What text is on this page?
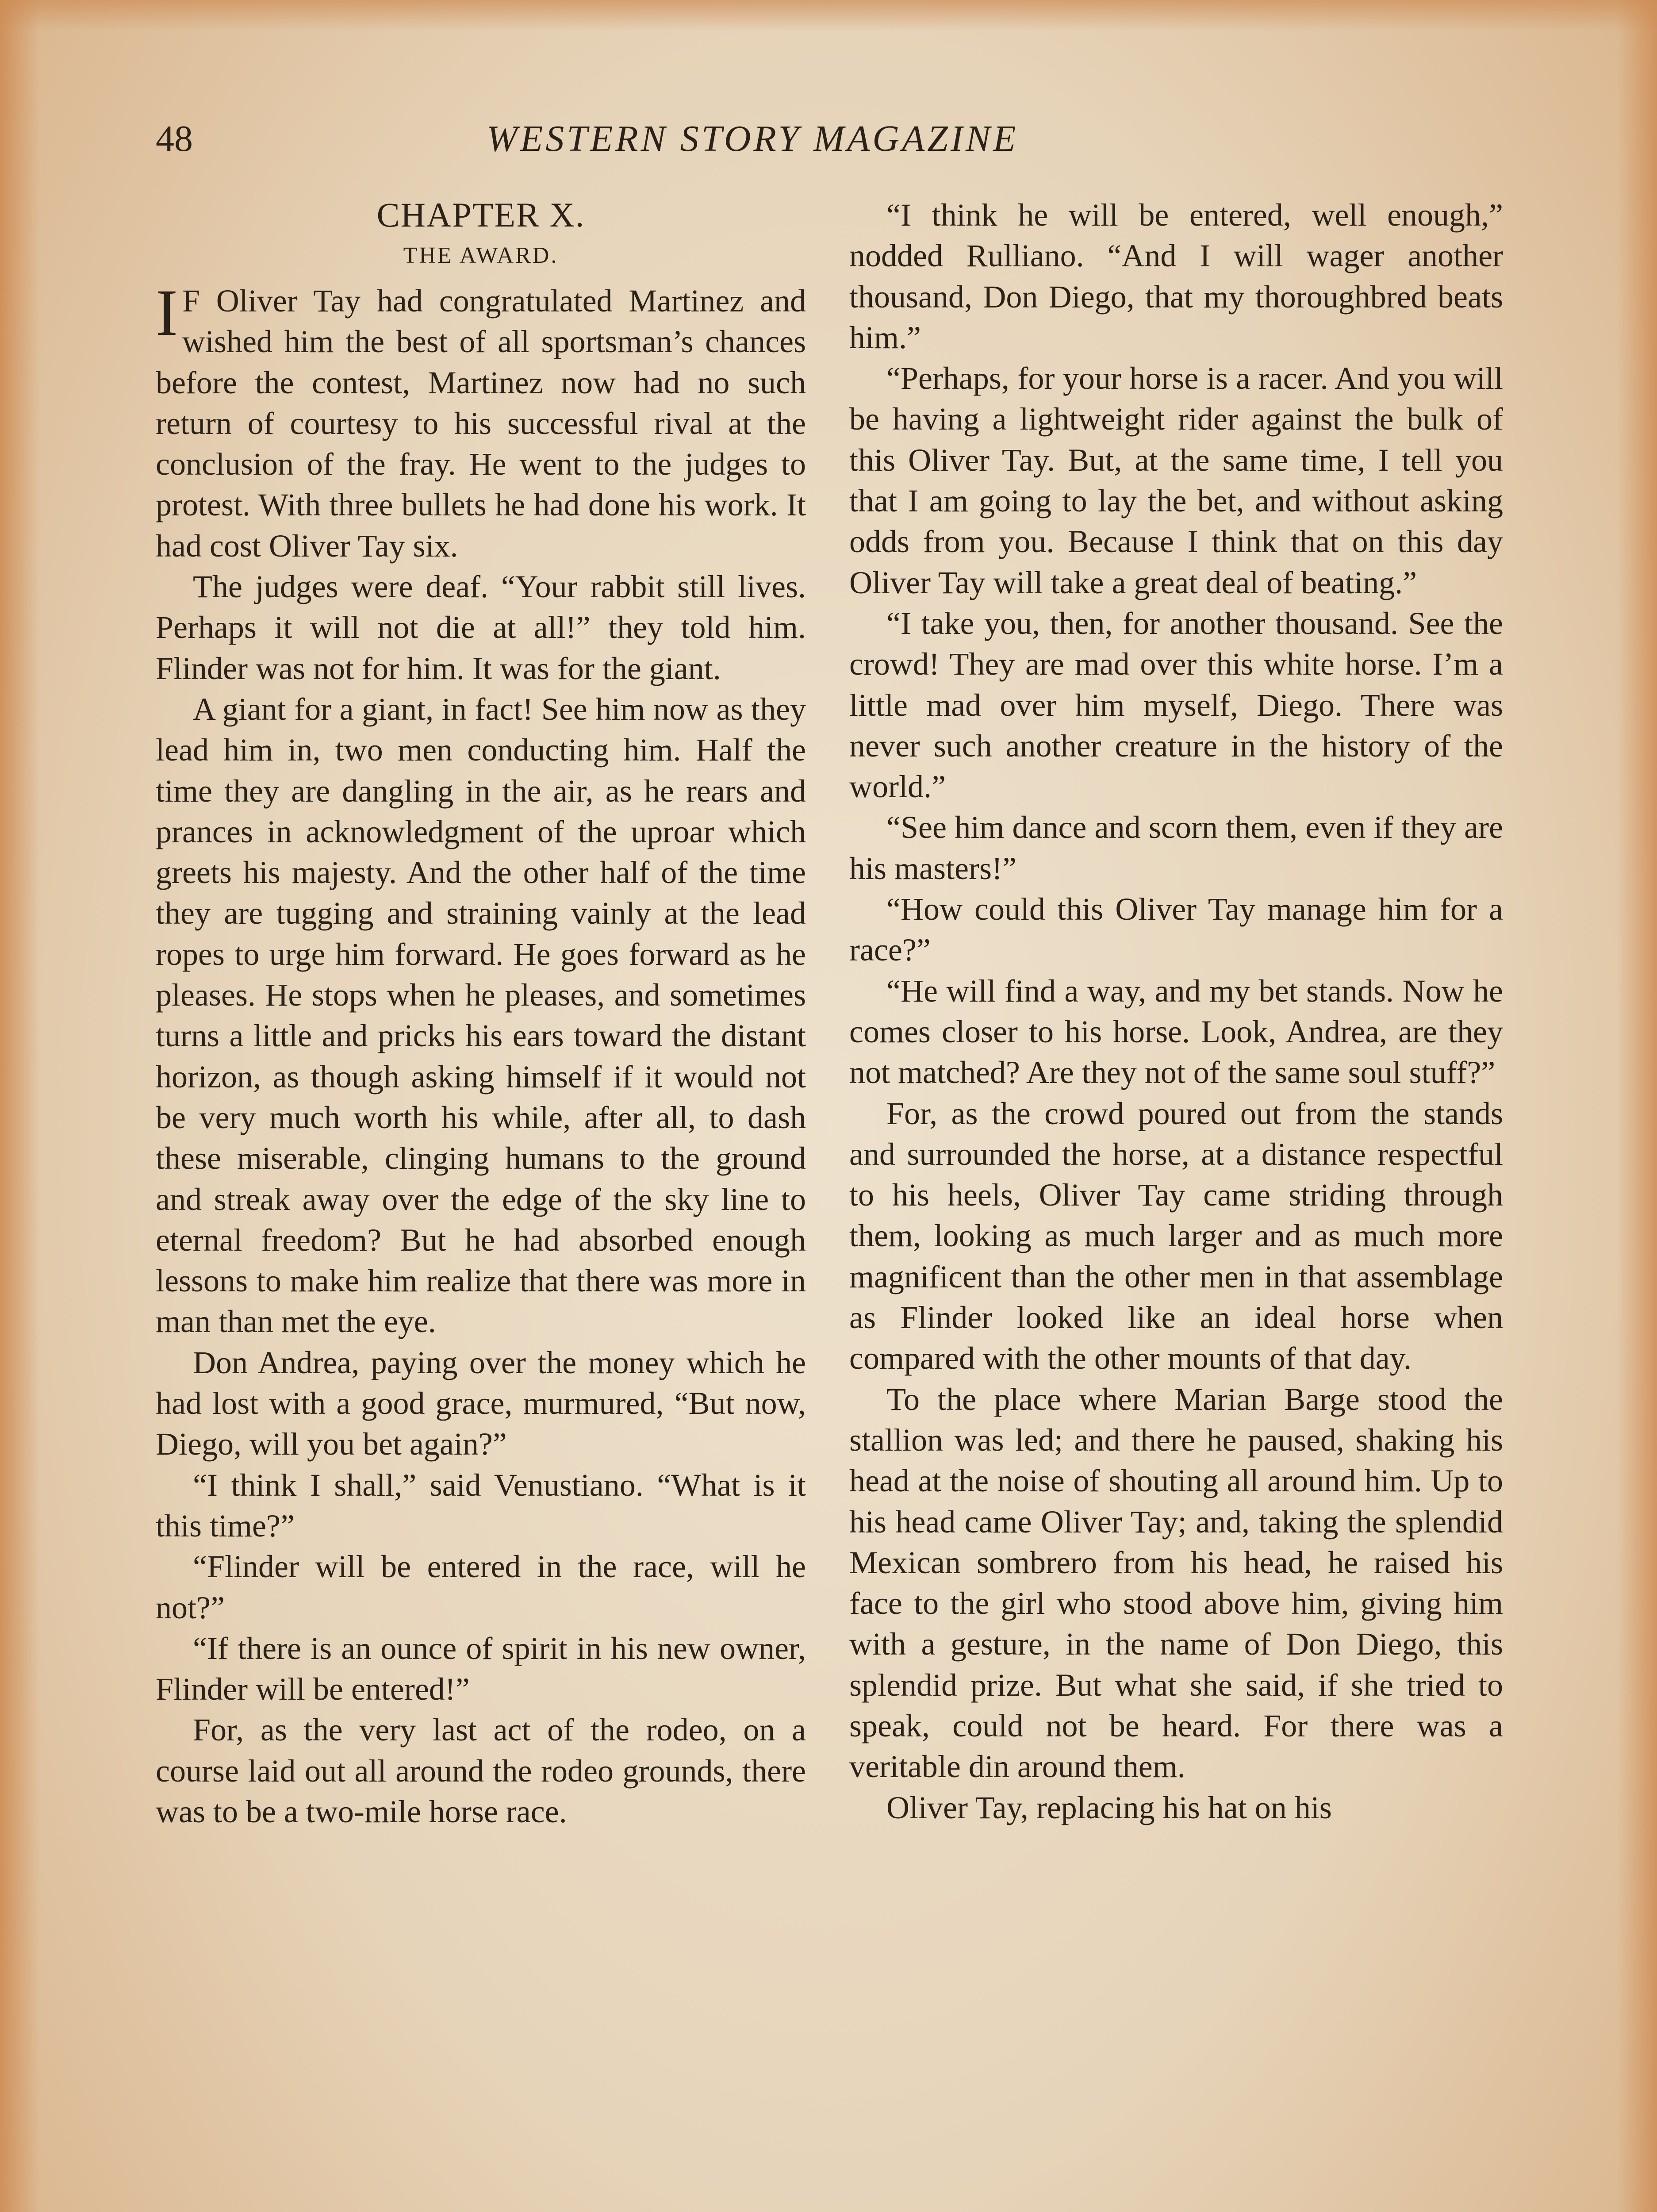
48	WESTERN STORY MAGAZINE
CHAPTER X.
THE AWARD.

I F Oliver Tay had congratulated Martinez and wished him the best of all sportsman’s chances before the contest, Martinez now had no such return of courtesy to his successful rival at the conclusion of the fray. He went to the judges to protest. With three bullets he had done his work. It had cost Oliver Tay six.

The judges were deaf. “Your rabbit still lives. Perhaps it will not die at all!” they told him. Flinder was not for him. It was for the giant.

A giant for a giant, in fact! See him now as they lead him in, two men conducting him. Half the time they are dangling in the air, as he rears and prances in acknowledgment of the uproar which greets his majesty. And the other half of the time they are tugging and straining vainly at the lead ropes to urge him forward. He goes forward as he pleases. He stops when he pleases, and sometimes turns a little and pricks his ears toward the distant horizon, as though asking himself if it would not be very much worth his while, after all, to dash these miserable, clinging humans to the ground and streak away over the edge of the sky line to eternal freedom? But he had absorbed enough lessons to make him realize that there was more in man than met the eye.

Don Andrea, paying over the money which he had lost with a good grace, murmured, “But now, Diego, will you bet again?”

“I think I shall,” said Venustiano. “What is it this time?”

“Flinder will be entered in the race, will he not?”

“If there is an ounce of spirit in his new owner, Flinder will be entered!”

For, as the very last act of the rodeo, on a course laid out all around the rodeo grounds, there was to be a two-mile horse race.

“I think he will be entered, well enough,” nodded Rulliano. “And I will wager another thousand, Don Diego, that my thoroughbred beats him.”

“Perhaps, for your horse is a racer. And you will be having a lightweight rider against the bulk of this Oliver Tay. But, at the same time, I tell you that I am going to lay the bet, and without asking odds from you. Because I think that on this day Oliver Tay will take a great deal of beating.”

“I take you, then, for another thousand. See the crowd! They are mad over this white horse. I’m a little mad over him myself, Diego. There was never such another creature in the history of the world.”

“See him dance and scorn them, even if they are his masters!”

“How could this Oliver Tay manage him for a race?”

“He will find a way, and my bet stands. Now he comes closer to his horse. Look, Andrea, are they not matched? Are they not of the same soul stuff?”

For, as the crowd poured out from the stands and surrounded the horse, at a distance respectful to his heels, Oliver Tay came striding through them, looking as much larger and as much more magnificent than the other men in that assemblage as Flinder looked like an ideal horse when compared with the other mounts of that day.

To the place where Marian Barge stood the stallion was led; and there he paused, shaking his head at the noise of shouting all around him. Up to his head came Oliver Tay; and, taking the splendid Mexican sombrero from his head, he raised his face to the girl who stood above him, giving him with a gesture, in the name of Don Diego, this splendid prize. But what she said, if she tried to speak, could not be heard. For there was a veritable din around them.

Oliver Tay, replacing his hat on his
